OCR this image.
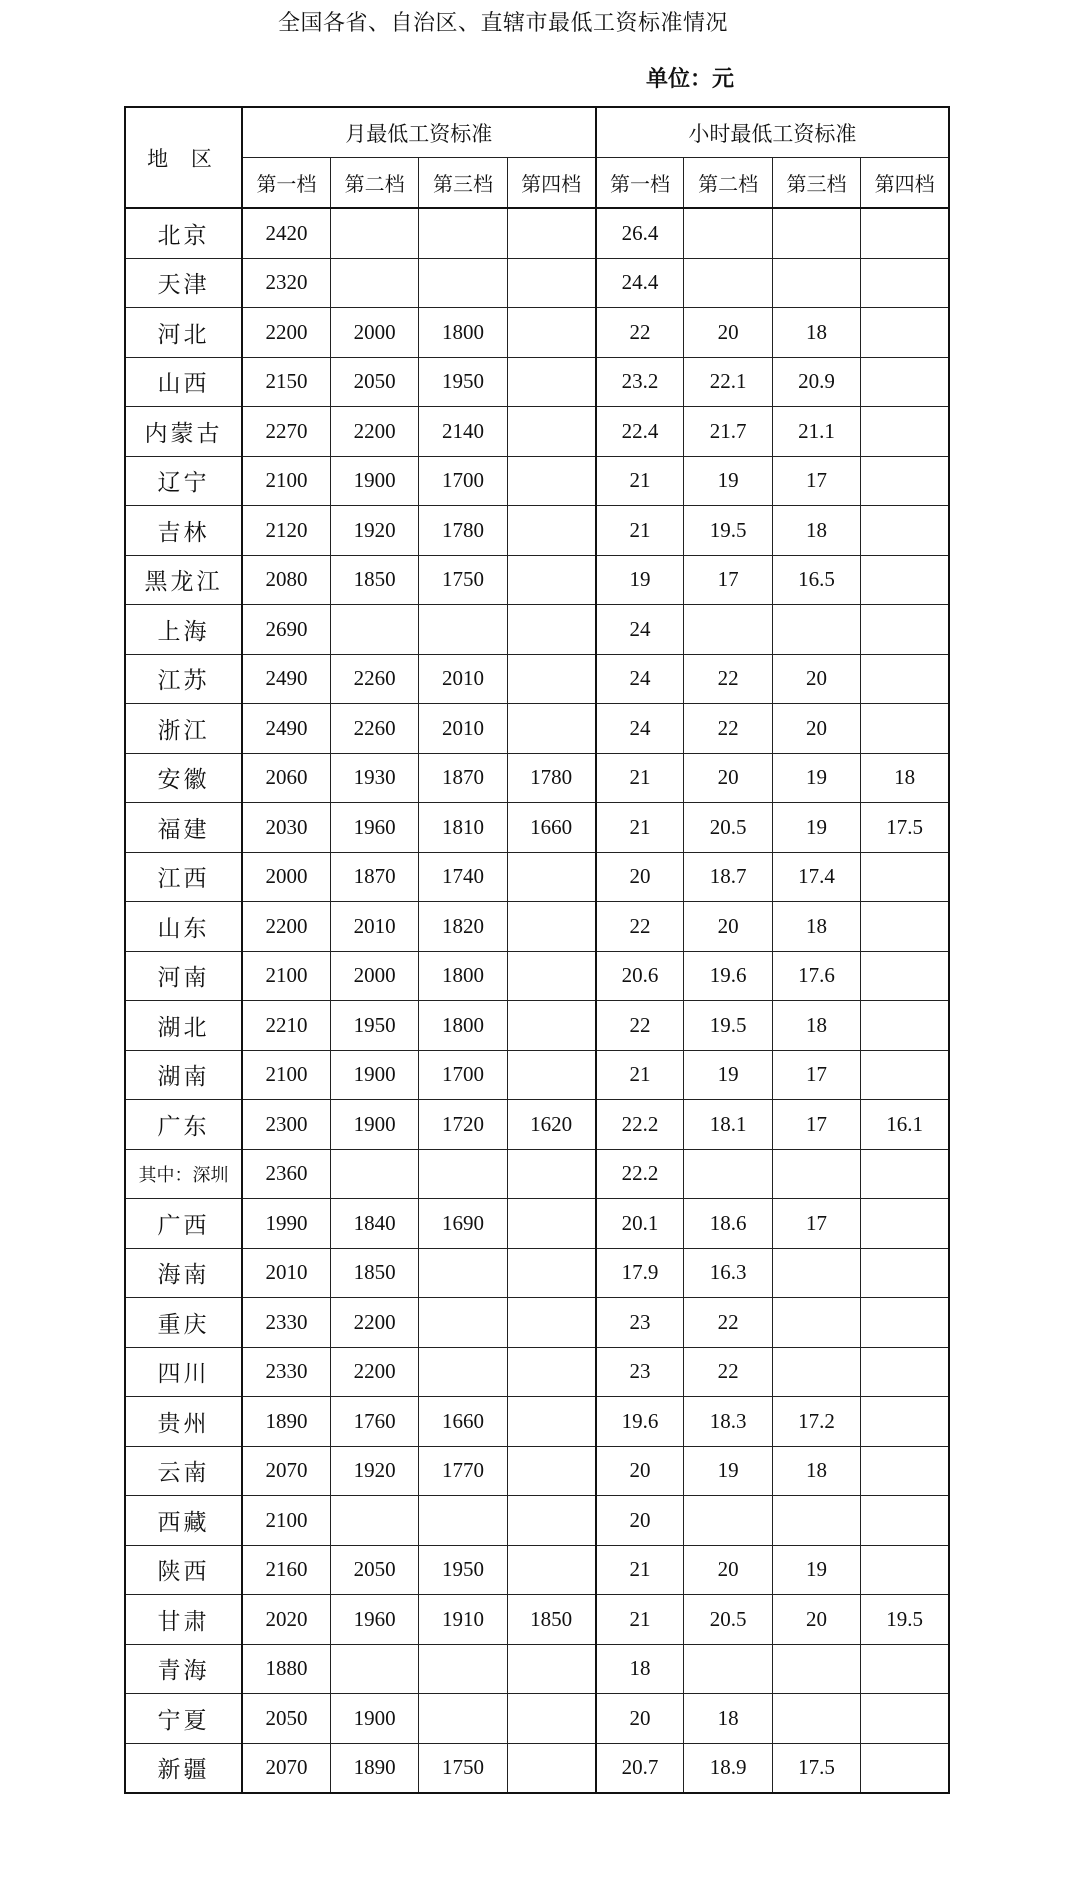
全国各省、自治区、直辖市最低工资标准情况
单位：元
地 区	月最低工资标准				小时最低工资标准			
	第一档	第二档	第三档	第四档	第一档	第二档	第三档	第四档
北京	2420				26.4			
天津	2320				24.4			
河北	2200	2000	1800		22	20	18	
山西	2150	2050	1950		23.2	22.1	20.9	
内蒙古	2270	2200	2140		22.4	21.7	21.1	
辽宁	2100	1900	1700		21	19	17	
吉林	2120	1920	1780		21	19.5	18	
黑龙江	2080	1850	1750		19	17	16.5	
上海	2690				24			
江苏	2490	2260	2010		24	22	20	
浙江	2490	2260	2010		24	22	20	
安徽	2060	1930	1870	1780	21	20	19	18
福建	2030	1960	1810	1660	21	20.5	19	17.5
江西	2000	1870	1740		20	18.7	17.4	
山东	2200	2010	1820		22	20	18	
河南	2100	2000	1800		20.6	19.6	17.6	
湖北	2210	1950	1800		22	19.5	18	
湖南	2100	1900	1700		21	19	17	
广东	2300	1900	1720	1620	22.2	18.1	17	16.1
其中：深圳	2360				22.2			
广西	1990	1840	1690		20.1	18.6	17	
海南	2010	1850			17.9	16.3		
重庆	2330	2200			23	22		
四川	2330	2200			23	22		
贵州	1890	1760	1660		19.6	18.3	17.2	
云南	2070	1920	1770		20	19	18	
西藏	2100				20			
陕西	2160	2050	1950		21	20	19	
甘肃	2020	1960	1910	1850	21	20.5	20	19.5
青海	1880				18			
宁夏	2050	1900			20	18		
新疆	2070	1890	1750		20.7	18.9	17.5	
